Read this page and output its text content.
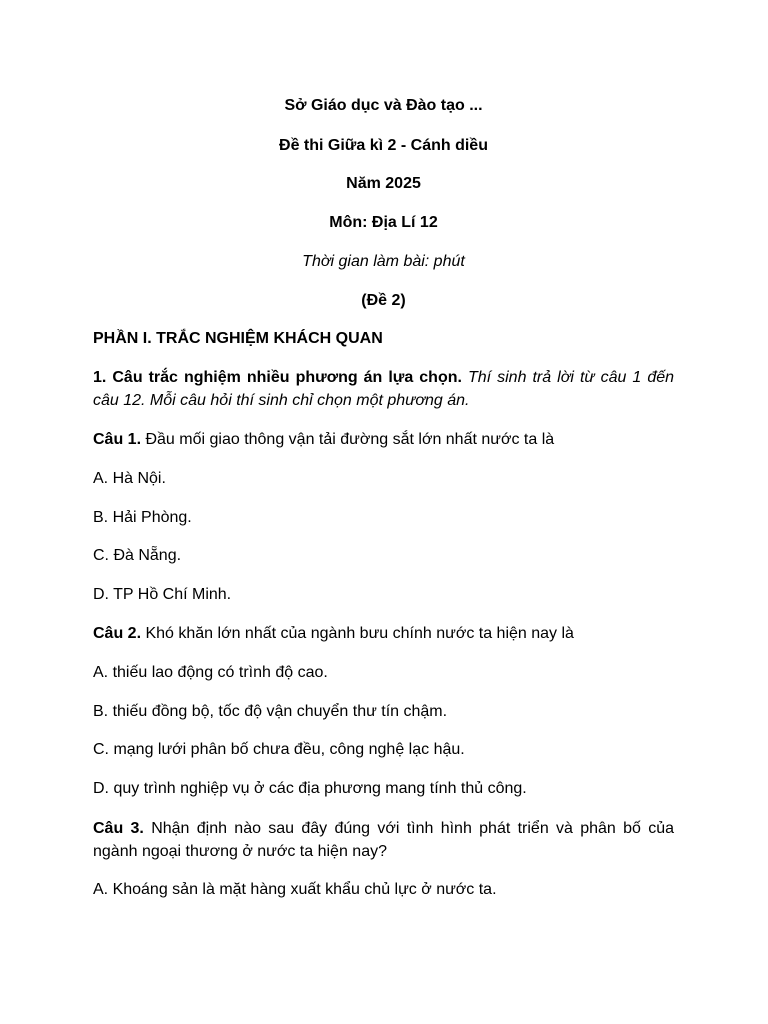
Sở Giáo dục và Đào tạo ...

Đề thi Giữa kì 2 - Cánh diều

Năm 2025

Môn: Địa Lí 12

Thời gian làm bài: phút

(Đề 2)

PHẦN I. TRẮC NGHIỆM KHÁCH QUAN

1. Câu trắc nghiệm nhiều phương án lựa chọn. Thí sinh trả lời từ câu 1 đến câu 12. Mỗi câu hỏi thí sinh chỉ chọn một phương án.

Câu 1. Đầu mối giao thông vận tải đường sắt lớn nhất nước ta là

A. Hà Nội.

B. Hải Phòng.

C. Đà Nẵng.

D. TP Hồ Chí Minh.

Câu 2. Khó khăn lớn nhất của ngành bưu chính nước ta hiện nay là

A. thiếu lao động có trình độ cao.

B. thiếu đồng bộ, tốc độ vận chuyển thư tín chậm.

C. mạng lưới phân bố chưa đều, công nghệ lạc hậu.

D. quy trình nghiệp vụ ở các địa phương mang tính thủ công.

Câu 3. Nhận định nào sau đây đúng với tình hình phát triển và phân bố của ngành ngoại thương ở nước ta hiện nay?

A. Khoáng sản là mặt hàng xuất khẩu chủ lực ở nước ta.
